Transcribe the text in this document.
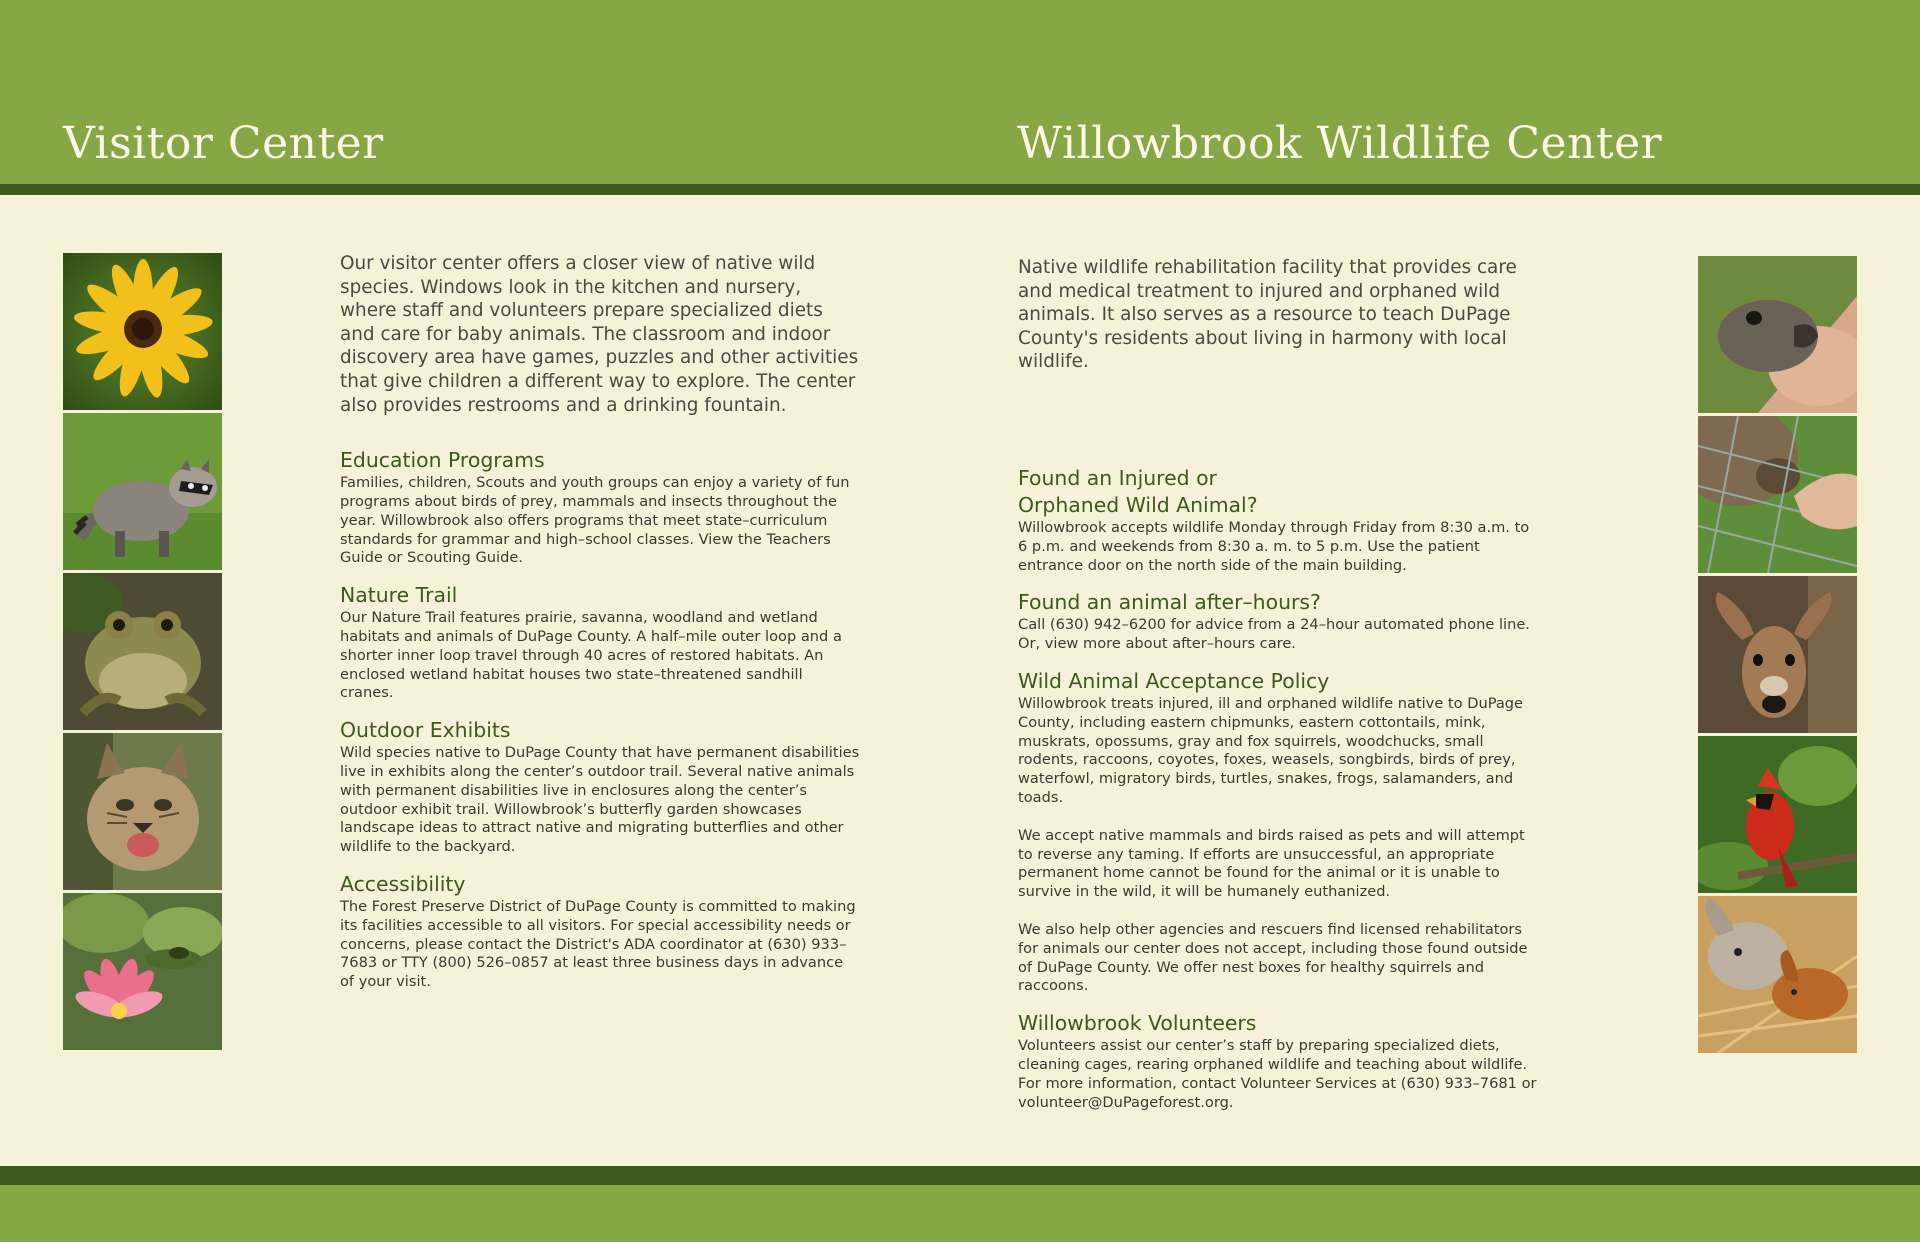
Visitor Center	Willowbrook Wildlife Center

Our visitor center offers a closer view of native wild species. Windows look in the kitchen and nursery, where staff and volunteers prepare specialized diets and care for baby animals. The classroom and indoor discovery area have games, puzzles and other activities that give children a different way to explore. The center also provides restrooms and a drinking fountain.

Education Programs

Families, children, Scouts and youth groups can enjoy a variety of fun programs about birds of prey, mammals and insects throughout the year. Willowbrook also offers programs that meet state–curriculum standards for grammar and high–school classes. View the Teachers Guide or Scouting Guide.

Nature Trail

Our Nature Trail features prairie, savanna, woodland and wetland habitats and animals of DuPage County. A half–mile outer loop and a shorter inner loop travel through 40 acres of restored habitats. An enclosed wetland habitat houses two state–threatened sandhill cranes.

Outdoor Exhibits

Wild species native to DuPage County that have permanent disabilities live in exhibits along the center’s outdoor trail. Several native animals with permanent disabilities live in enclosures along the center’s outdoor exhibit trail. Willowbrook’s butterfly garden showcases landscape ideas to attract native and migrating butterflies and other wildlife to the backyard.

Accessibility

The Forest Preserve District of DuPage County is committed to making its facilities accessible to all visitors. For special accessibility needs or concerns, please contact the District's ADA coordinator at (630) 933–7683 or TTY (800) 526–0857 at least three business days in advance of your visit.

Native wildlife rehabilitation facility that provides care and medical treatment to injured and orphaned wild animals. It also serves as a resource to teach DuPage County's residents about living in harmony with local wildlife.

Found an Injured or
Orphaned Wild Animal?

Willowbrook accepts wildlife Monday through Friday from 8:30 a.m. to 6 p.m. and weekends from 8:30 a. m. to 5 p.m. Use the patient entrance door on the north side of the main building.

Found an animal after–hours?

Call (630) 942–6200 for advice from a 24–hour automated phone line. Or, view more about after–hours care.

Wild Animal Acceptance Policy

Willowbrook treats injured, ill and orphaned wildlife native to DuPage County, including eastern chipmunks, eastern cottontails, mink, muskrats, opossums, gray and fox squirrels, woodchucks, small rodents, raccoons, coyotes, foxes, weasels, songbirds, birds of prey, waterfowl, migratory birds, turtles, snakes, frogs, salamanders, and toads.

We accept native mammals and birds raised as pets and will attempt to reverse any taming. If efforts are unsuccessful, an appropriate permanent home cannot be found for the animal or it is unable to survive in the wild, it will be humanely euthanized.

We also help other agencies and rescuers find licensed rehabilitators for animals our center does not accept, including those found outside of DuPage County. We offer nest boxes for healthy squirrels and raccoons.

Willowbrook Volunteers

Volunteers assist our center’s staff by preparing specialized diets, cleaning cages, rearing orphaned wildlife and teaching about wildlife. For more information, contact Volunteer Services at (630) 933–7681 or volunteer@DuPageforest.org.
